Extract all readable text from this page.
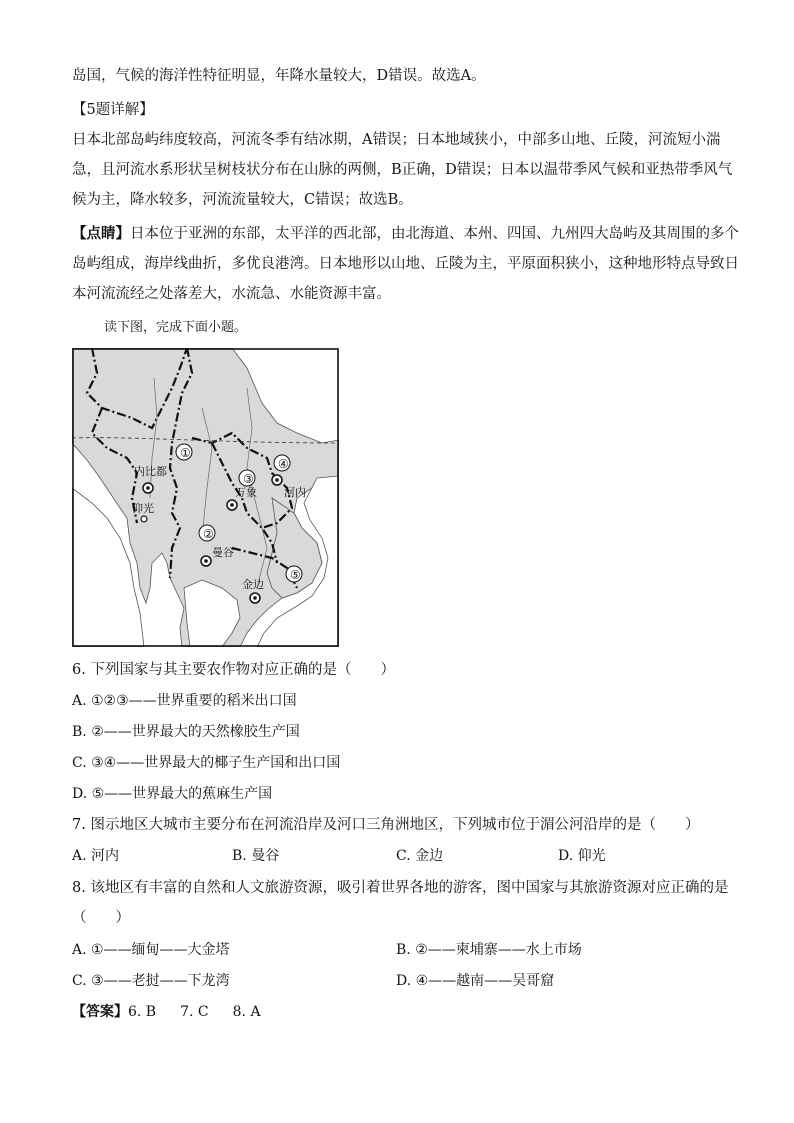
岛国，气候的海洋性特征明显，年降水量较大，D错误。故选A。
【5题详解】
日本北部岛屿纬度较高，河流冬季有结冰期，A错误；日本地域狭小，中部多山地、丘陵，河流短小湍
急，且河流水系形状呈树枝状分布在山脉的两侧，B正确，D错误；日本以温带季风气候和亚热带季风气
候为主，降水较多，河流流量较大，C错误；故选B。
【点睛】日本位于亚洲的东部，太平洋的西北部，由北海道、本州、四国、九州四大岛屿及其周围的多个
岛屿组成，海岸线曲折，多优良港湾。日本地形以山地、丘陵为主，平原面积狭小，这种地形特点导致日
本河流流经之处落差大，水流急、水能资源丰富。
读下图，完成下面小题。
①
②
③
④
⑤
内比都
仰光
万象 河内
曼谷
金边
6. 下列国家与其主要农作物对应正确的是（　　）
A. ①②③——世界重要的稻米出口国
B. ②——世界最大的天然橡胶生产国
C. ③④——世界最大的椰子生产国和出口国
D. ⑤——世界最大的蕉麻生产国
7. 图示地区大城市主要分布在河流沿岸及河口三角洲地区，下列城市位于湄公河沿岸的是（　　）
A. 河内	B. 曼谷	C. 金边	D. 仰光
8. 该地区有丰富的自然和人文旅游资源，吸引着世界各地的游客，图中国家与其旅游资源对应正确的是
（　　）
A. ①——缅甸——大金塔	B. ②——柬埔寨——水上市场
C. ③——老挝——下龙湾	D. ④——越南——吴哥窟
【答案】6. B 7. C 8. A
